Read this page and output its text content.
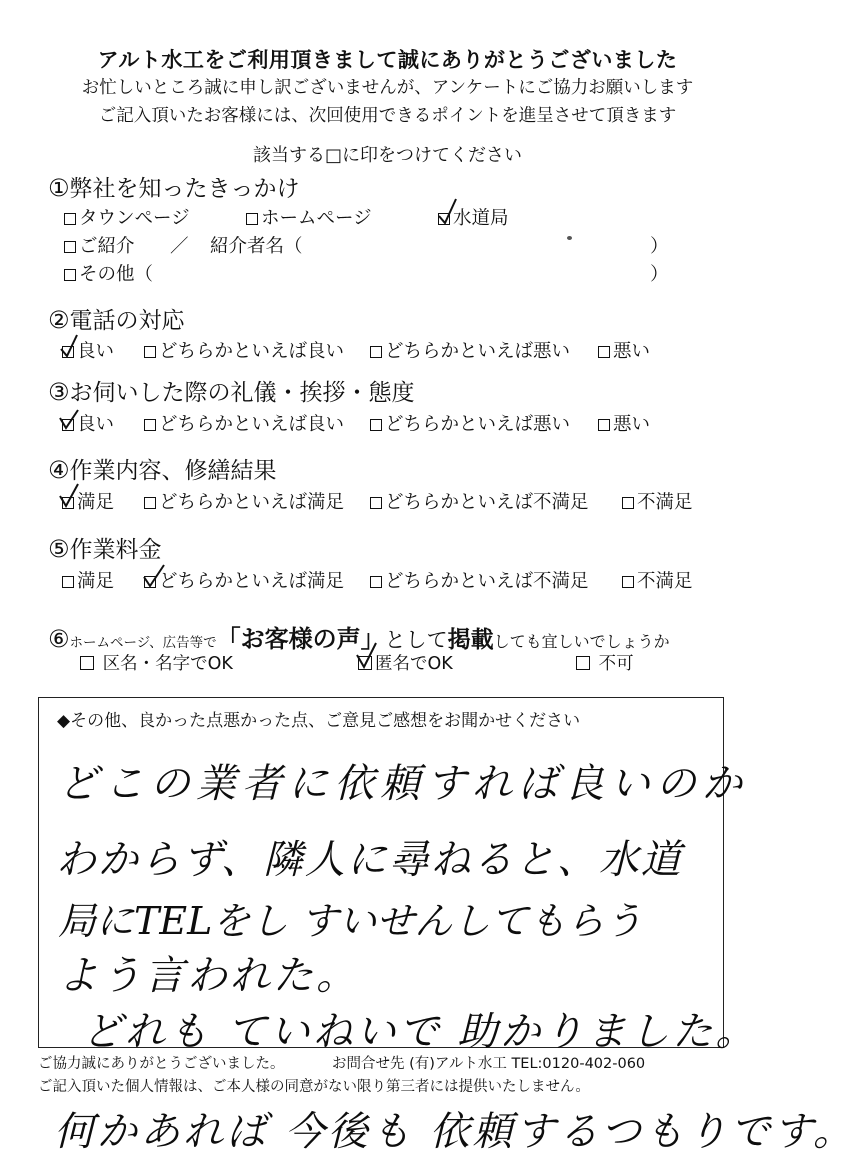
アルト水工をご利用頂きまして誠にありがとうございました
お忙しいところ誠に申し訳ございませんが、アンケートにご協力お願いします
ご記入頂いたお客様には、次回使用できるポイントを進呈させて頂きます
該当する□に印をつけてください
①弊社を知ったきっかけ
タウンページ	ホームページ	水道局
ご紹介 ／ 紹介者名（	）
その他（	）
②電話の対応
良い	どちらかといえば良い	どちらかといえば悪い	悪い
③お伺いした際の礼儀・挨拶・態度
良い	どちらかといえば良い	どちらかといえば悪い	悪い
④作業内容、修繕結果
満足	どちらかといえば満足	どちらかといえば不満足	不満足
⑤作業料金
満足	どちらかといえば満足	どちらかといえば不満足	不満足
⑥ホームページ、広告等で「お客様の声」として掲載しても宜しいでしょうか
区名・名字でOK	匿名でOK	不可
◆その他、良かった点悪かった点、ご意見ご感想をお聞かせください
どこの業者に依頼すれば良いのか
わからず、隣人に尋ねると、水道
局にTELをし すいせんしてもらう
よう言われた。
どれも ていねいで 助かりました。
ご協力誠にありがとうございました。	お問合せ先 (有)アルト水工 TEL:0120-402-060
ご記入頂いた個人情報は、ご本人様の同意がない限り第三者には提供いたしません。
何かあれば 今後も 依頼するつもりです。
